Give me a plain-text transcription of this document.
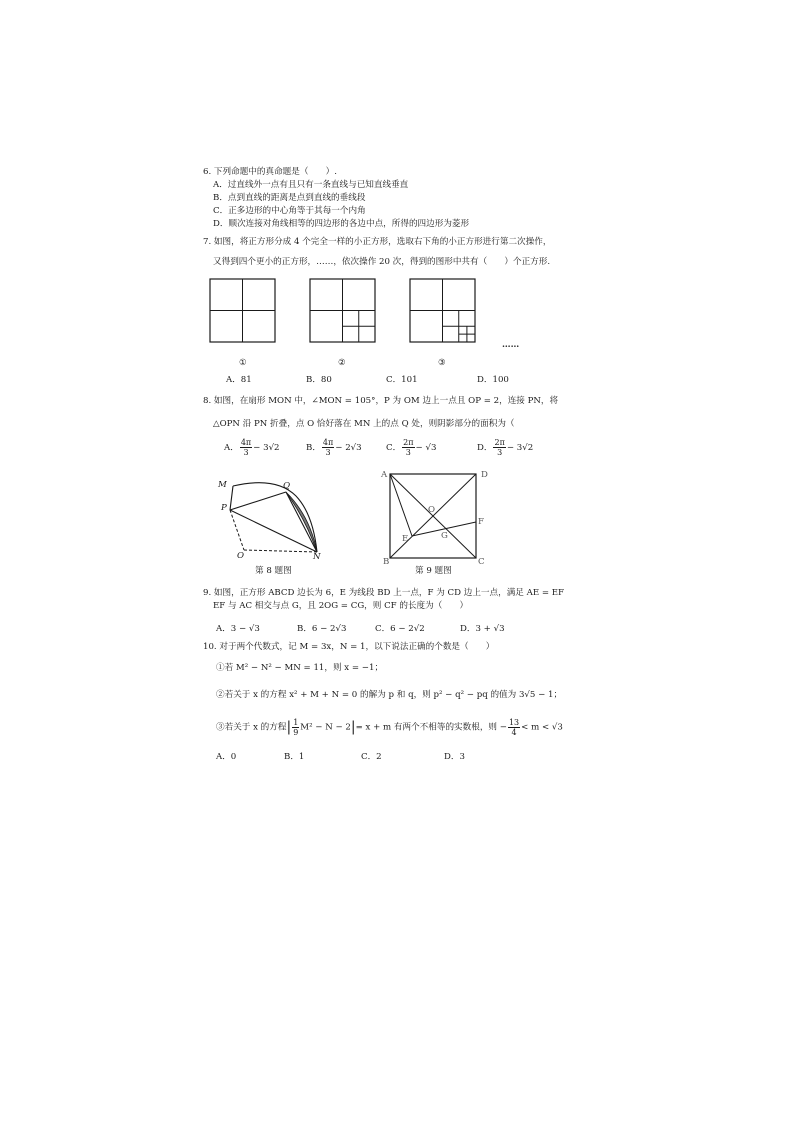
6. 下列命题中的真命题是（　　）.
A．过直线外一点有且只有一条直线与已知直线垂直
B．点到直线的距离是点到直线的垂线段
C．正多边形的中心角等于其每一个内角
D．顺次连接对角线相等的四边形的各边中点，所得的四边形为菱形
7. 如图，将正方形分成 4 个完全一样的小正方形，选取右下角的小正方形进行第二次操作，
又得到四个更小的正方形，……，依次操作 20 次，得到的图形中共有（　　）个正方形.
①	②	③
……
A．81	B．80	C．101	D．100
8. 如图，在扇形 MON 中，∠MON = 105°，P 为 OM 边上一点且 OP = 2，连接 PN，将
△OPN 沿 PN 折叠，点 O 恰好落在 MN 上的点 Q 处，则阴影部分的面积为（
A． $\frac{4\pi}{3} - 3√2$	B． $\frac{4\pi}{3} - 2√3$	C． $\frac{2\pi}{3} - √3$	D． $\frac{2\pi}{3} - 3√2$
M	Q
P
O	N
第 8 题图
A	D
O
F
E	G
B	C
第 9 题图
9. 如图，正方形 ABCD 边长为 6，E 为线段 BD 上一点，F 为 CD 边上一点，满足 AE = EF
EF 与 AC 相交与点 G，且 2OG = CG，则 CF 的长度为（　　）
A．3 − √3	B．6 − 2√3	C．6 − 2√2	D．3 + √3
10. 对于两个代数式，记 M = 3x，N = 1，以下说法正确的个数是（　　）
①若 M² − N² − MN = 11，则 x = −1；
②若关于 x 的方程 x² + M + N = 0 的解为 p 和 q，则 p² − q² − pq 的值为 3√5 − 1；
③若关于 x 的方程| $\frac{1}{9} M^2 - N - 2|= x + m$ 有两个不相等的实数根，则 − $\frac{13}{4} < m < √3$
A．0	B．1	C．2	D．3
